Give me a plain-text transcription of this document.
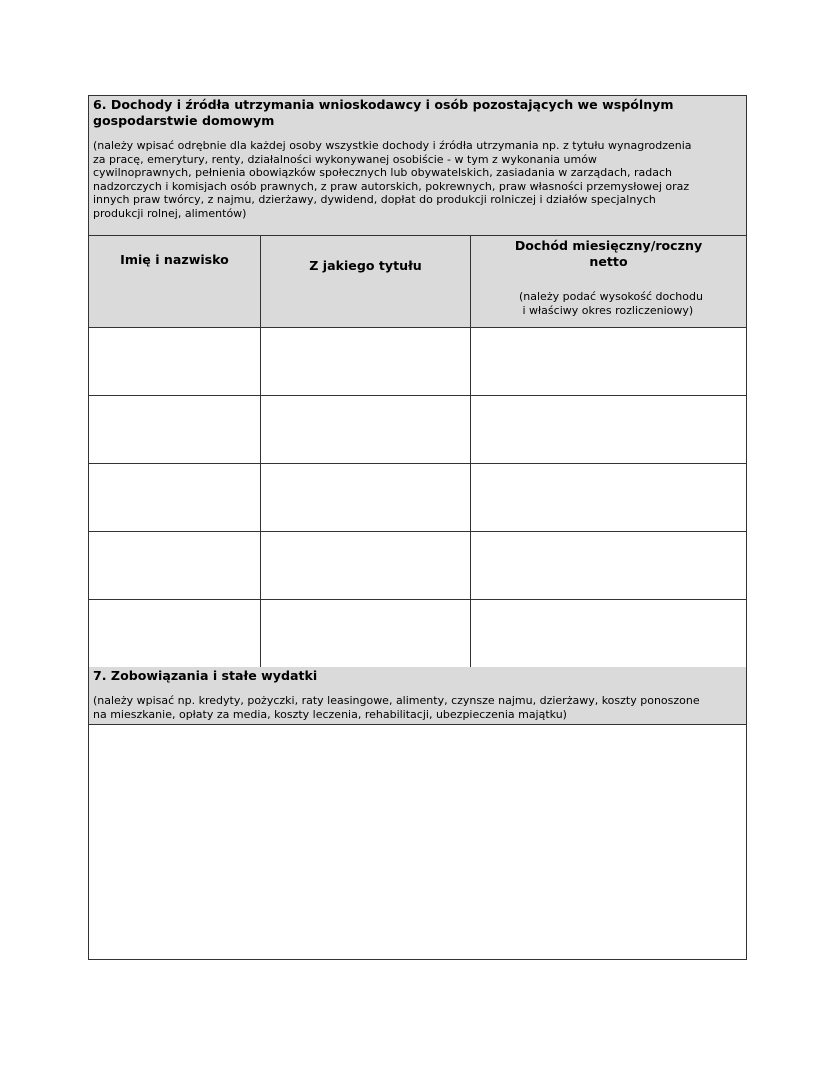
6. Dochody i źródła utrzymania wnioskodawcy i osób pozostających we wspólnym
gospodarstwie domowym
(należy wpisać odrębnie dla każdej osoby wszystkie dochody i źródła utrzymania np. z tytułu wynagrodzenia
za pracę, emerytury, renty, działalności wykonywanej osobiście - w tym z wykonania umów
cywilnoprawnych, pełnienia obowiązków społecznych lub obywatelskich, zasiadania w zarządach, radach
nadzorczych i komisjach osób prawnych, z praw autorskich, pokrewnych, praw własności przemysłowej oraz
innych praw twórcy, z najmu, dzierżawy, dywidend, dopłat do produkcji rolniczej i działów specjalnych
produkcji rolnej, alimentów)
Imię i nazwisko	Z jakiego tytułu
Dochód miesięczny/roczny
netto
(należy podać wysokość dochodu
i właściwy okres rozliczeniowy)
7. Zobowiązania i stałe wydatki
(należy wpisać np. kredyty, pożyczki, raty leasingowe, alimenty, czynsze najmu, dzierżawy, koszty ponoszone
na mieszkanie, opłaty za media, koszty leczenia, rehabilitacji, ubezpieczenia majątku)
